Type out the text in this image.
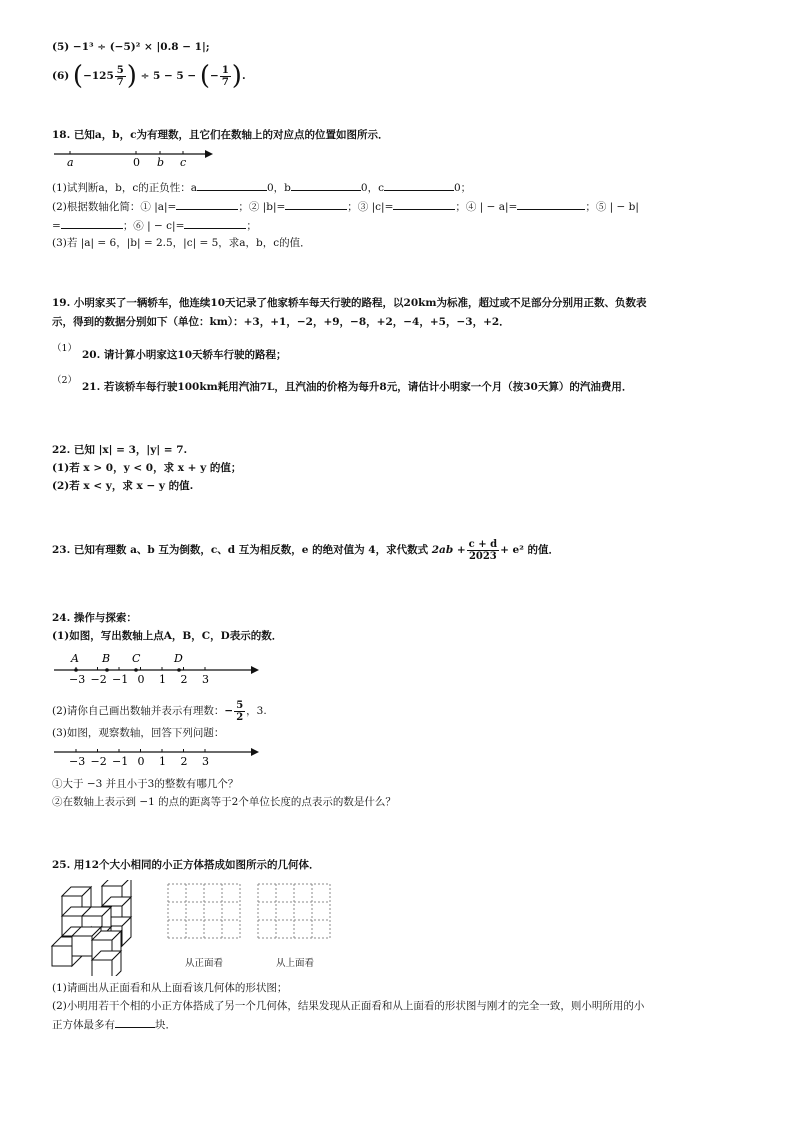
(5) −1³ ÷ (−5)² × |0.8 − 1|;
(6)
( $-125 \frac{5}{7}$ )
÷ 5 − 5 −
( − $\frac{1}{7}$ ) .
18. 已知a，b，c为有理数，且它们在数轴上的对应点的位置如图所示．
a	0 b c
(1)试判断a，b，c的正负性：a	0，b	0，c	0；
(2)根据数轴化简：① |a|=	；② |b|=	；③ |c|=	；④ | − a|=	；⑤ | − b|
=	；⑥ | − c|=	；
(3)若 |a| = 6，|b| = 2.5，|c| = 5，求a，b，c的值．
19. 小明家买了一辆轿车，他连续10天记录了他家轿车每天行驶的路程，以20km为标准，超过或不足部分分别用正数、负数表
示，得到的数据分别如下（单位：km）：+3，+1，−2，+9，−8，+2，−4，+5，−3，+2．
（1）
20. 请计算小明家这10天轿车行驶的路程；
（2）
21. 若该轿车每行驶100km耗用汽油7L，且汽油的价格为每升8元，请估计小明家一个月（按30天算）的汽油费用．
22. 已知 |x| = 3，|y| = 7.
(1)若 x > 0，y < 0，求 x + y 的值；
(2)若 x < y，求 x − y 的值.
23. 已知有理数 a、b 互为倒数，c、d 互为相反数，e 的绝对值为 4，求代数式
$2ab + \frac{c + d}{2023} + e^2$ 的值．
24. 操作与探索：
(1)如图，写出数轴上点A，B，C，D表示的数．
−3 −2 −1 0 1 2 3
A B C	D
(2)请你自己画出数轴并表示有理数： − $\frac{5}{2}$ ，3.
(3)如图，观察数轴，回答下列问题：
−3 −2 −1 0 1 2 3
①大于 −3 并且小于3的整数有哪几个？
②在数轴上表示到 −1 的点的距离等于2个单位长度的点表示的数是什么？
25. 用12个大小相同的小正方体搭成如图所示的几何体．
从正面看	从上面看
(1)请画出从正面看和从上面看该几何体的形状图；
(2)小明用若干个相的小正方体搭成了另一个几何体，结果发现从正面看和从上面看的形状图与刚才的完全一致，则小明所用的小
正方体最多有	块．
